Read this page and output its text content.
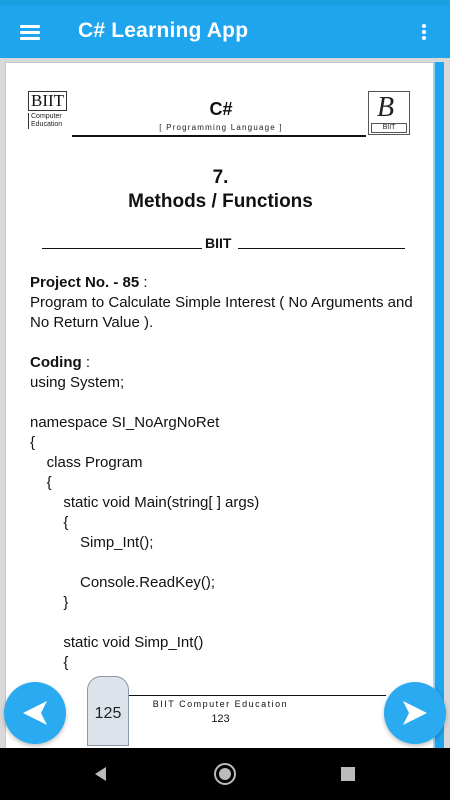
C# Learning App
BIIT
Computer
Education
C#
[ Programming Language ]
B
BIIT
7.
Methods / Functions
BIIT
Project No. - 85 :
Program to Calculate Simple Interest ( No Arguments and
No Return Value ).
Coding :
using System;
namespace SI_NoArgNoRet
{
class Program
{
static void Main(string[ ] args)
{
Simp_Int();
Console.ReadKey();
}
static void Simp_Int()
{
BIIT Computer Education
123
125
